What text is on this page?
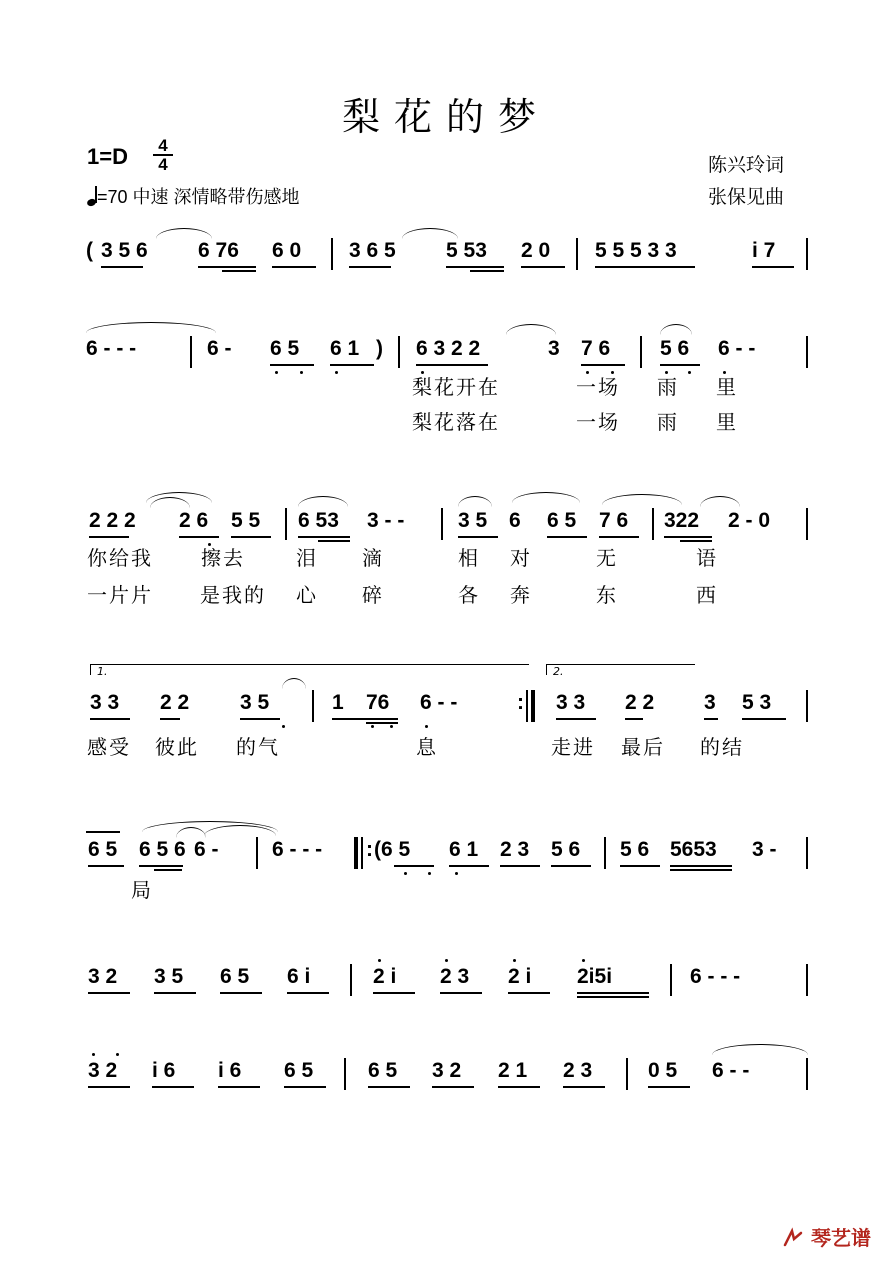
梨花的梦
1=D	4
4
=70 中速 深情略带伤感地
陈兴玲词
张保见曲
( 3 5 6 6 76 6 0 3 6 5 5 53 2 0 5 5 5 3 3	i 7
6 - - -	6 - 6 5 6 1 ) 6 3 2 2	3 7 6 5 6 6 - -
梨花开在	一场 雨 里
梨花落在	一场 雨 里
2 2 2 2 6 5 5 6 53 3 - -	3 5 6 6 5 7 6 322 2 - 0
你给我 擦去	泪 滴	相 对	无	语
一片片 是我的 心 碎	各 奔	东	西
1.	2.
3 3 2 2 3 5	1 76 6 - -	: 3 3 2 2 3 5 3
感受 彼此 的气	息	走进 最后 的结
6 5 6 5 6 6 -	6 - - - : (6 5 6 1 2 3 5 6 5 6 5653 3 -
局
3 2 3 5 6 5 6 i	2 i 2 3 2 i 2i5i	6 - - -
3 2 i 6 i 6 6 5	6 5 3 2 2 1 2 3	0 5 6 - -
琴艺谱
